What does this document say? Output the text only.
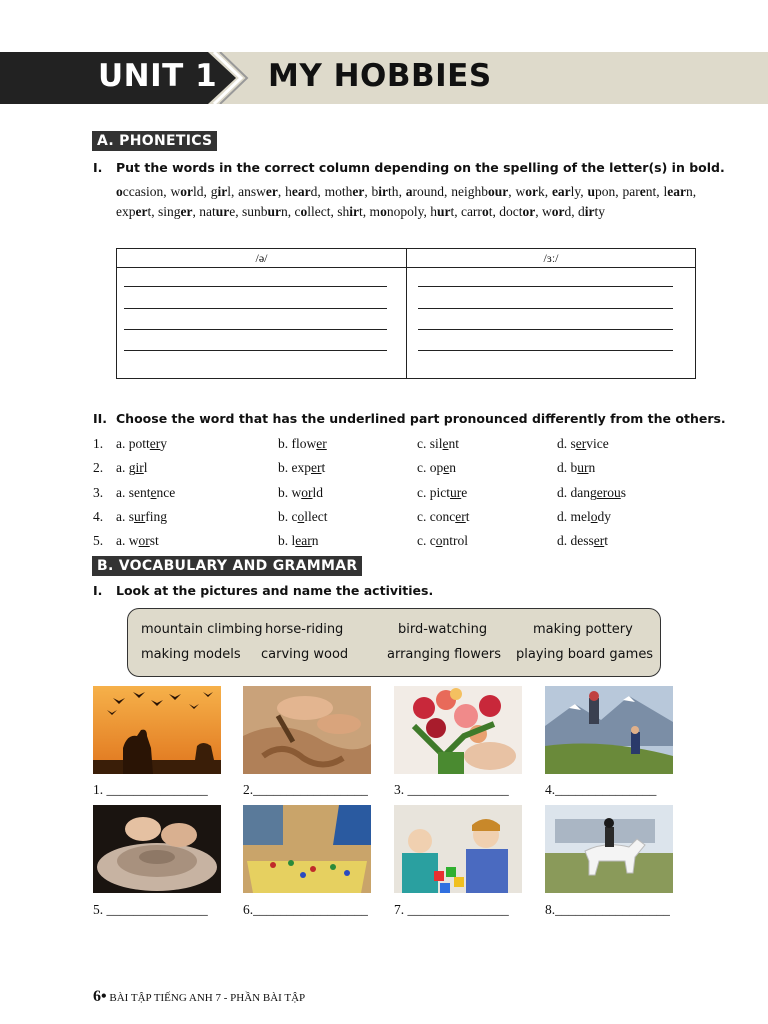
UNIT 1 MY HOBBIES
A. PHONETICS
I. Put the words in the correct column depending on the spelling of the letter(s) in bold.
occasion, world, girl, answer, heard, mother, birth, around, neighbour, work, early, upon, parent, learn, expert, singer, nature, sunburn, collect, shirt, monopoly, hurt, carrot, doctor, word, dirty
/ə/	/ɜː/
II. Choose the word that has the underlined part pronounced differently from the others.
1. a. pottery	b. flower	c. silent	d. service
2. a. girl	b. expert	c. open	d. burn
3. a. sentence	b. world	c. picture	d. dangerous
4. a. surfing	b. collect	c. concert	d. melody
5. a. worst	b. learn	c. control	d. dessert
B. VOCABULARY AND GRAMMAR
I. Look at the pictures and name the activities.
mountain climbing horse-riding	bird-watching	making pottery
making models carving wood	arranging flowers playing board games
1. _______________	2._________________ 3. _______________	4._______________
5. _______________	6._________________ 7. _______________	8._________________
6• BÀI TẬP TIẾNG ANH 7 - PHẦN BÀI TẬP
